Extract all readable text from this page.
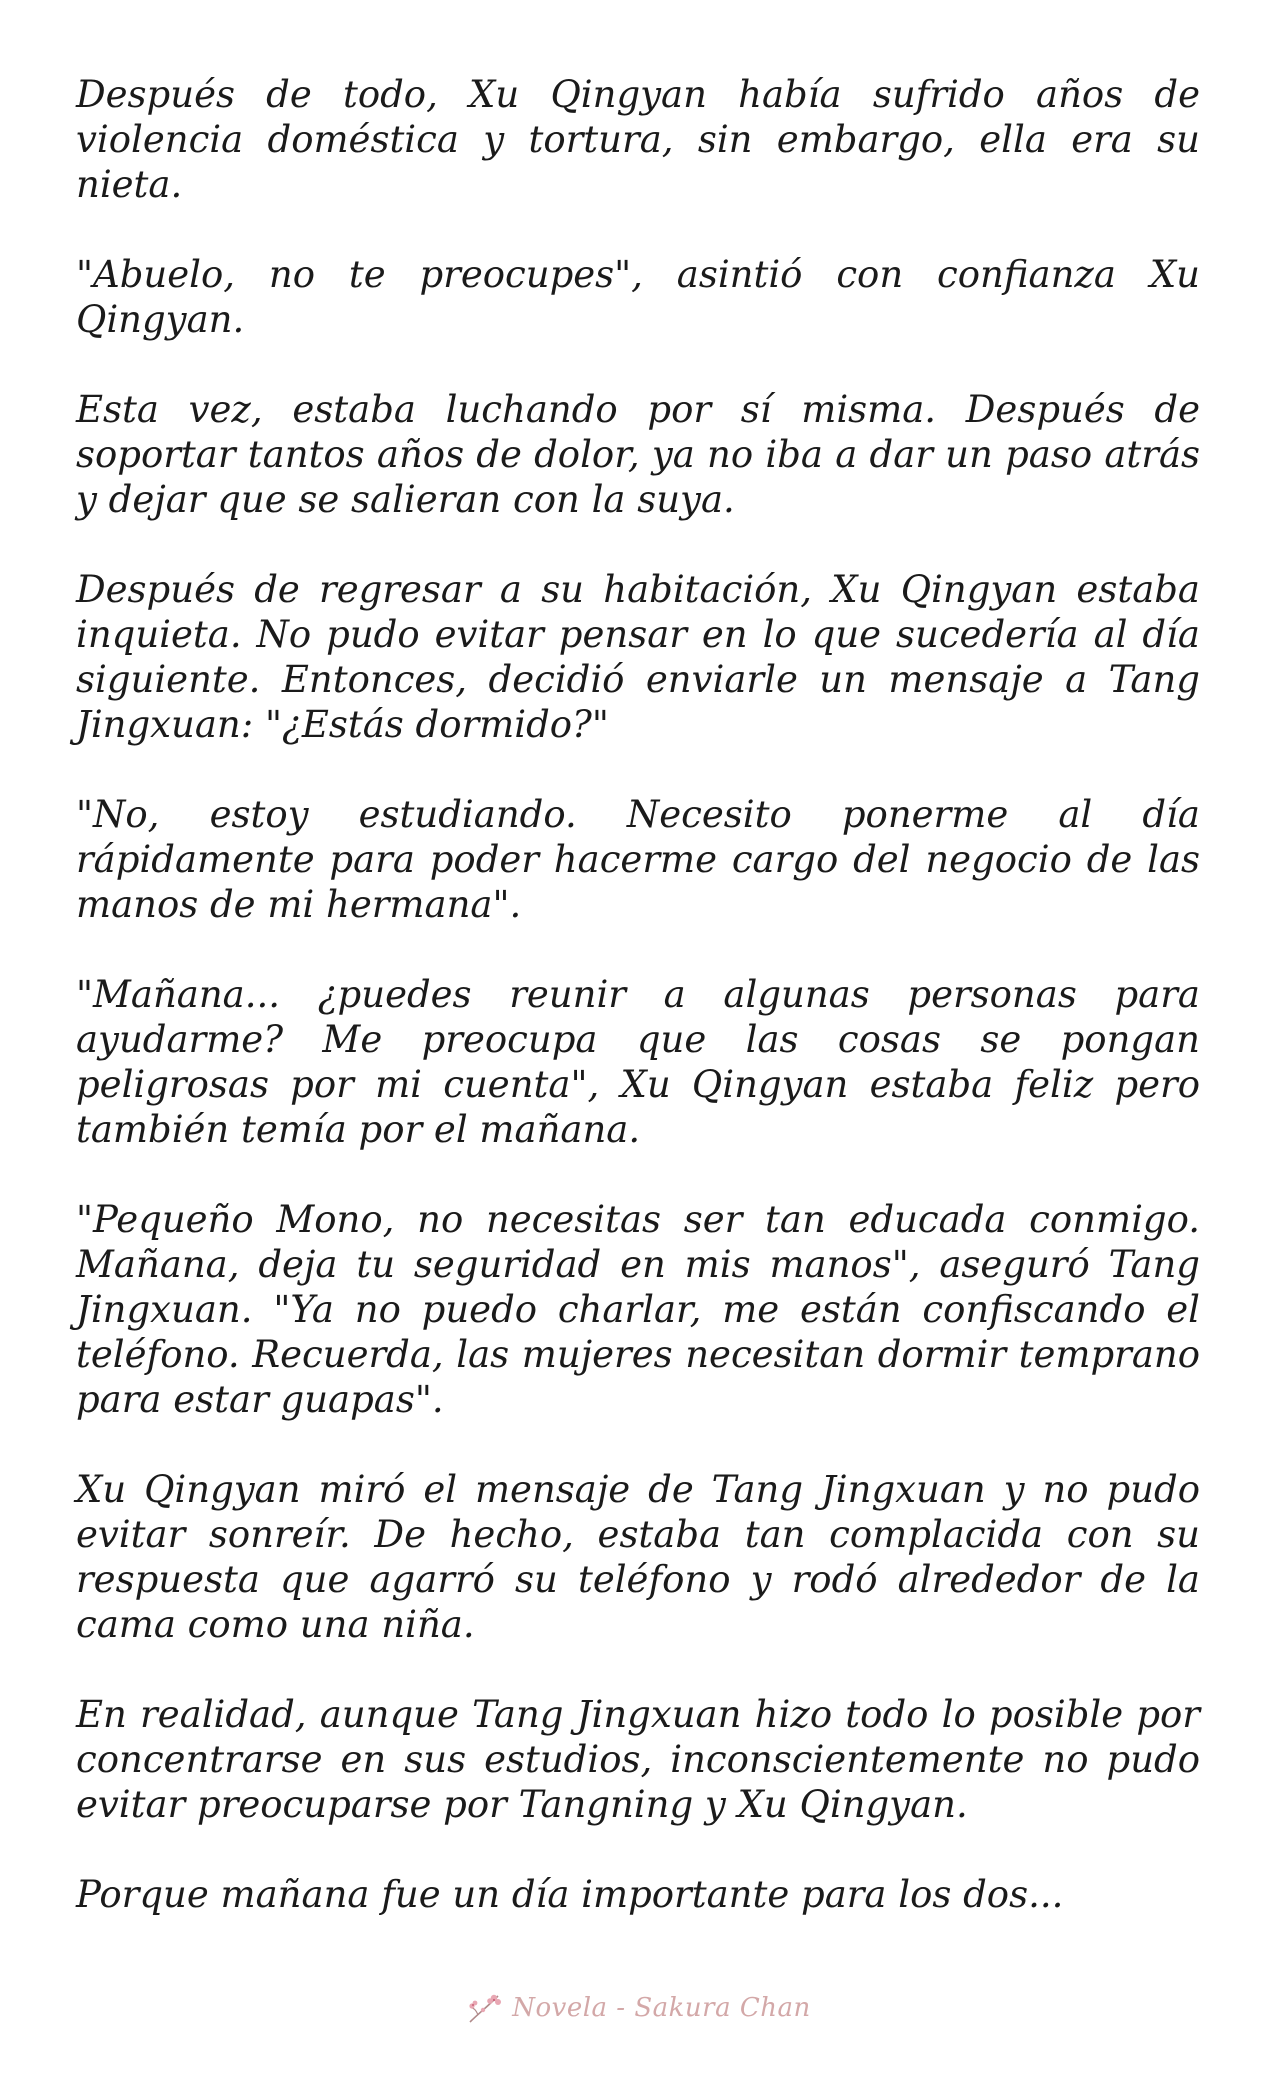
Después de todo, Xu Qingyan había sufrido años de violencia doméstica y tortura, sin embargo, ella era su nieta.

"Abuelo, no te preocupes", asintió con confianza Xu Qingyan.

Esta vez, estaba luchando por sí misma. Después de soportar tantos años de dolor, ya no iba a dar un paso atrás y dejar que se salieran con la suya.

Después de regresar a su habitación, Xu Qingyan estaba inquieta. No pudo evitar pensar en lo que sucedería al día siguiente. Entonces, decidió enviarle un mensaje a Tang Jingxuan: "¿Estás dormido?"

"No, estoy estudiando. Necesito ponerme al día rápidamente para poder hacerme cargo del negocio de las manos de mi hermana".

"Mañana... ¿puedes reunir a algunas personas para ayudarme? Me preocupa que las cosas se pongan peligrosas por mi cuenta", Xu Qingyan estaba feliz pero también temía por el mañana.

"Pequeño Mono, no necesitas ser tan educada conmigo. Mañana, deja tu seguridad en mis manos", aseguró Tang Jingxuan. "Ya no puedo charlar, me están confiscando el teléfono. Recuerda, las mujeres necesitan dormir temprano para estar guapas".

Xu Qingyan miró el mensaje de Tang Jingxuan y no pudo evitar sonreír. De hecho, estaba tan complacida con su respuesta que agarró su teléfono y rodó alrededor de la cama como una niña.

En realidad, aunque Tang Jingxuan hizo todo lo posible por concentrarse en sus estudios, inconscientemente no pudo evitar preocuparse por Tangning y Xu Qingyan.

Porque mañana fue un día importante para los dos...

Novela - Sakura Chan
